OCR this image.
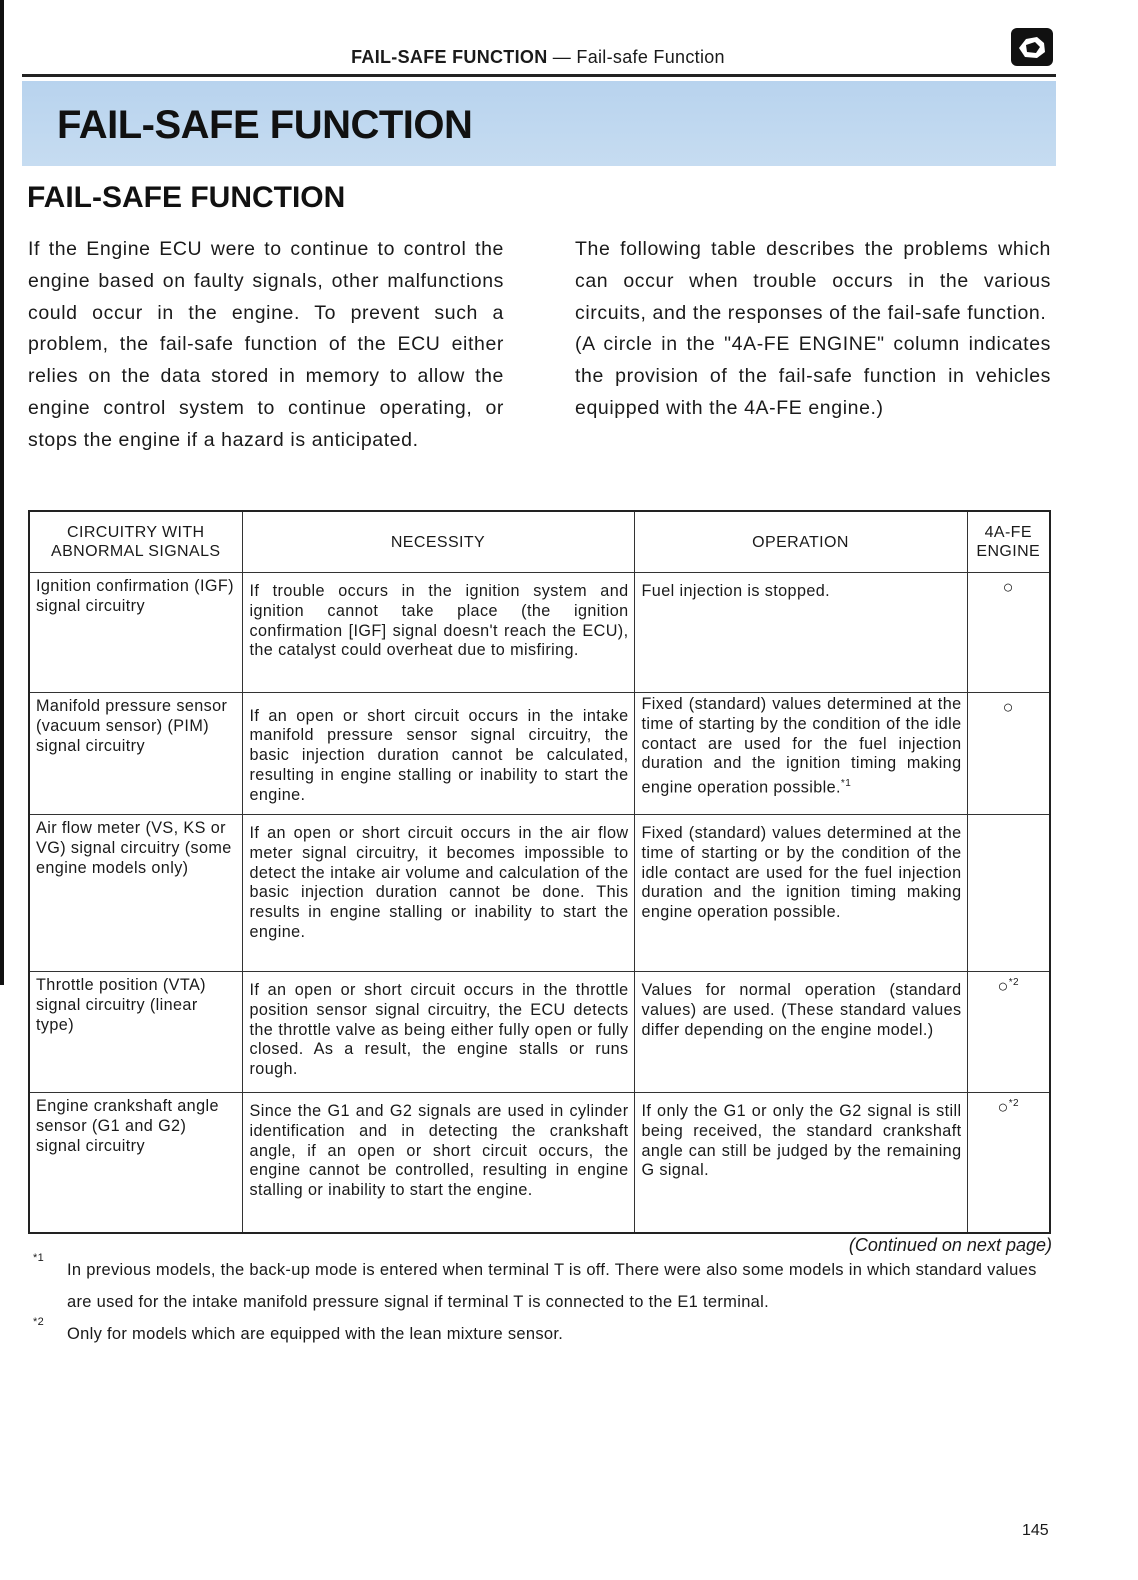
FAIL-SAFE FUNCTION — Fail-safe Function
FAIL-SAFE FUNCTION
FAIL-SAFE FUNCTION

If the Engine ECU were to continue to control the engine based on faulty signals, other malfunctions could occur in the engine. To prevent such a problem, the fail-safe function of the ECU either relies on the data stored in memory to allow the engine control system to continue operating, or stops the engine if a hazard is anticipated.

The following table describes the problems which can occur when trouble occurs in the various circuits, and the responses of the fail-safe function.

(A circle in the "4A-FE ENGINE" column indicates the provision of the fail-safe function in vehicles equipped with the 4A-FE engine.)

CIRCUITRY WITH ABNORMAL SIGNALS	NECESSITY	OPERATION	4A-FE ENGINE
Ignition confirmation (IGF) signal circuitry	If trouble occurs in the ignition system and ignition cannot take place (the ignition confirmation [IGF] signal doesn't reach the ECU), the catalyst could overheat due to misfiring.	Fuel injection is stopped.	○
Manifold pressure sensor (vacuum sensor) (PIM) signal circuitry	If an open or short circuit occurs in the intake manifold pressure sensor signal circuitry, the basic injection duration cannot be calculated, resulting in engine stalling or inability to start the engine.	Fixed (standard) values determined at the time of starting by the condition of the idle contact are used for the fuel injection duration and the ignition timing making engine operation possible.$^{*1}$	○
Air flow meter (VS, KS or VG) signal circuitry (some engine models only)	If an open or short circuit occurs in the air flow meter signal circuitry, it becomes impossible to detect the intake air volume and calculation of the basic injection duration cannot be done. This results in engine stalling or inability to start the engine.	Fixed (standard) values determined at the time of starting or by the condition of the idle contact are used for the fuel injection duration and the ignition timing making engine operation possible.	
Throttle position (VTA) signal circuitry (linear type)	If an open or short circuit occurs in the throttle position sensor signal circuitry, the ECU detects the throttle valve as being either fully open or fully closed. As a result, the engine stalls or runs rough.	Values for normal operation (standard values) are used. (These standard values differ depending on the engine model.)	○$^{*2}$
Engine crankshaft angle sensor (G1 and G2) signal circuitry	Since the G1 and G2 signals are used in cylinder identification and in detecting the crankshaft angle, if an open or short circuit occurs, the engine cannot be controlled, resulting in engine stalling or inability to start the engine.	If only the G1 or only the G2 signal is still being received, the standard crankshaft angle can still be judged by the remaining G signal.	○$^{*2}$
(Continued on next page)
*1
In previous models, the back-up mode is entered when terminal T is off. There were also some models in which standard values are used for the intake manifold pressure signal if terminal T is connected to the E1 terminal.
*2
Only for models which are equipped with the lean mixture sensor.
145
